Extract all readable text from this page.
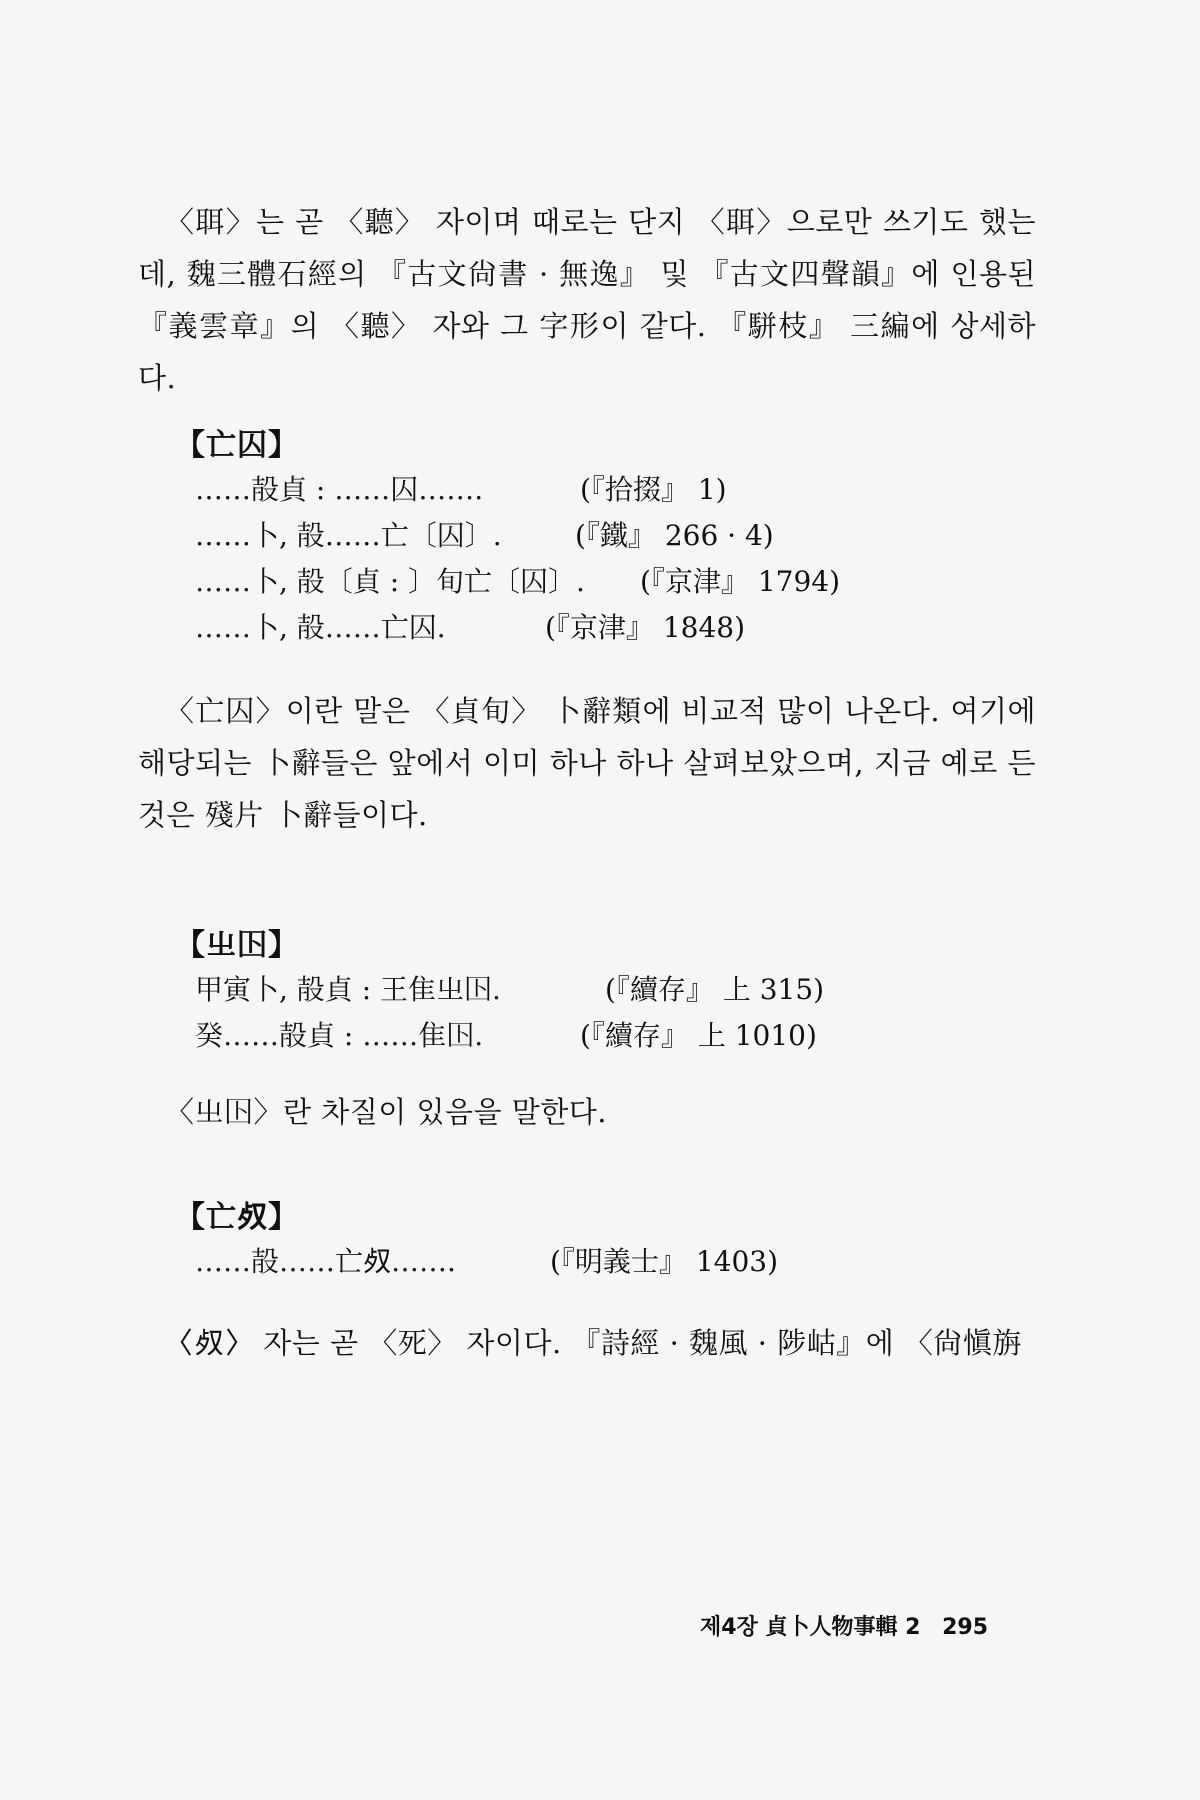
〈聑〉는 곧 〈聽〉 자이며 때로는 단지 〈聑〉으로만 쓰기도 했는데, 魏三體石經의 『古文尙書 · 無逸』 및 『古文四聲韻』에 인용된 『義雲章』의 〈聽〉 자와 그 字形이 같다. 『駢枝』 三編에 상세하다.

【亡囚】
……㱿貞 : ……囚…….	(『拾掇』 1)
……卜, 㱿……亡〔囚〕.	(『鐵』 266 · 4)
……卜, 㱿〔貞 : 〕旬亡〔囚〕. (『京津』 1794)
……卜, 㱿……亡囚.	(『京津』 1848)

〈亡囚〉이란 말은 〈貞旬〉 卜辭類에 비교적 많이 나온다. 여기에 해당되는 卜辭들은 앞에서 이미 하나 하나 살펴보았으며, 지금 예로 든 것은 殘片 卜辭들이다.

【㞢𡆥】
甲寅卜, 㱿貞 : 王隹㞢𡆥.	(『續存』 上 315)
癸……㱿貞 : ……隹𡆥.	(『續存』 上 1010)

〈㞢𡆥〉란 차질이 있음을 말한다.

【亡𣦼】
……㱿……亡𣦼…….	(『明義士』 1403)

〈𣦼〉 자는 곧 〈死〉 자이다. 『詩經 · 魏風 · 陟岵』에 〈尙愼旃

제4장 貞卜人物事輯 2 295
